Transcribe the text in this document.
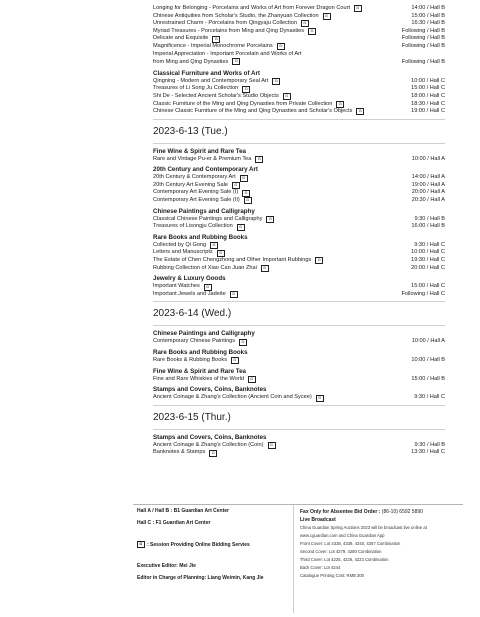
Longing for Belonging - Porcelains and Works of Art from Forever Dragon Court	⊡	14:00 / Hall B
Chinese Antiquities from Scholar's Studio, the Zhanyuan Collection	⊡	15:00 / Hall B
Unrestrained Charm - Porcelains from Qingyaju Collection	⊡	16:30 / Hall B
Myriad Treasures - Porcelains from Ming and Qing Dynasties	⊡	Following / Hall B
Delicate and Exquisite	⊡	Following / Hall B
Magnificence - Imperial Monochrome Porcelains	⊡	Following / Hall B
Imperial Appreciation - Important Porcelain and Works of Art
from Ming and Qing Dynasties ⊡	Following / Hall B
Classical Furniture and Works of Art
Qingning - Modern and Contemporary Seal Art	⊡	10:00 / Hall C
Treasures of Li Song Ju Collection	⊡	15:00 / Hall C
Shi De - Selected Ancient Scholar's Studio Objects	⊡	18:00 / Hall C
Classic Furniture of the Ming and Qing Dynasties from Private Collection	⊡	18:30 / Hall C
Chinese Classic Furniture of the Ming and Qing Dynasties and Scholar's Objects	⊡	19:00 / Hall C
2023-6-13 (Tue.)
Fine Wine & Spirit and Rare Tea
Rare and Vintage Pu-er & Premium Tea	⊡	10:00 / Hall A
20th Century and Contemporary Art
20th Century & Contemporary Art	⊡	14:00 / Hall A
20th Century Art Evening Sale	⊡	19:00 / Hall A
Contemporary Art Evening Sale (I)	⊡	20:00 / Hall A
Contemporary Art Evening Sale (II)	⊡	20:30 / Hall A
Chinese Paintings and Calligraphy
Classical Chinese Paintings and Calligraphy	⊡	9:30 / Hall B
Treasures of Lisongju Collection	⊡	16:00 / Hall B
Rare Books and Rubbing Books
Collected by Qi Gong	⊡	9:30 / Hall C
Letters and Manuscripts	⊡	10:00 / Hall C
The Estate of Chen Chengzhong and Other Important Rubbings	⊡	19:30 / Hall C
Rubbing Collection of Xiao Can Juan Zhai	⊡	20:00 / Hall C
Jewelry & Luxury Goods
Important Watches	⊡	15:00 / Hall C
Important Jewels and Jadeite	⊡	Following / Hall C
2023-6-14 (Wed.)
Chinese Paintings and Calligraphy
Contemporary Chinese Paintings	⊡	10:00 / Hall A
Rare Books and Rubbing Books
Rare Books & Rubbing Books	⊡	10:00 / Hall B
Fine Wine & Spirit and Rare Tea
Fine and Rare Whiskies of the World	⊡	15:00 / Hall B
Stamps and Covers, Coins, Banknotes
Ancient Coinage & Zhang's Collection (Ancient Coin and Sycee)	⊡	9:30 / Hall C
2023-6-15 (Thur.)
Stamps and Covers, Coins, Banknotes
Ancient Coinage & Zhang's Collection (Coin)	⊡	9:30 / Hall B
Banknotes & Stamps	⊡	13:30 / Hall C
Hall A / Hall B : B1 Guardian Art Center
Hall C : F1 Guardian Art Center
⊡ : Session Providing Online Bidding Servies
Executive Editor: Mei Jie
Editor in Charge of Planning: Liang Weimin, Kang Jie
Fax Only for Absentee Bid Order : (86-10) 6592 5890
Live Broadcast
China Guardian Spring Auctions 2023 will be broadcast live online at
www.cguardian.com and China Guardian App
Front Cover: Lot 4338, 4339, 4340, 4357 Combination
Second Cover: Lot 4279, 4280 Combination
Third Cover: Lot 4225, 4226, 4223 Combination
Back Cover: Lot 4244
Catalogue Printing Cost: RMB 300
